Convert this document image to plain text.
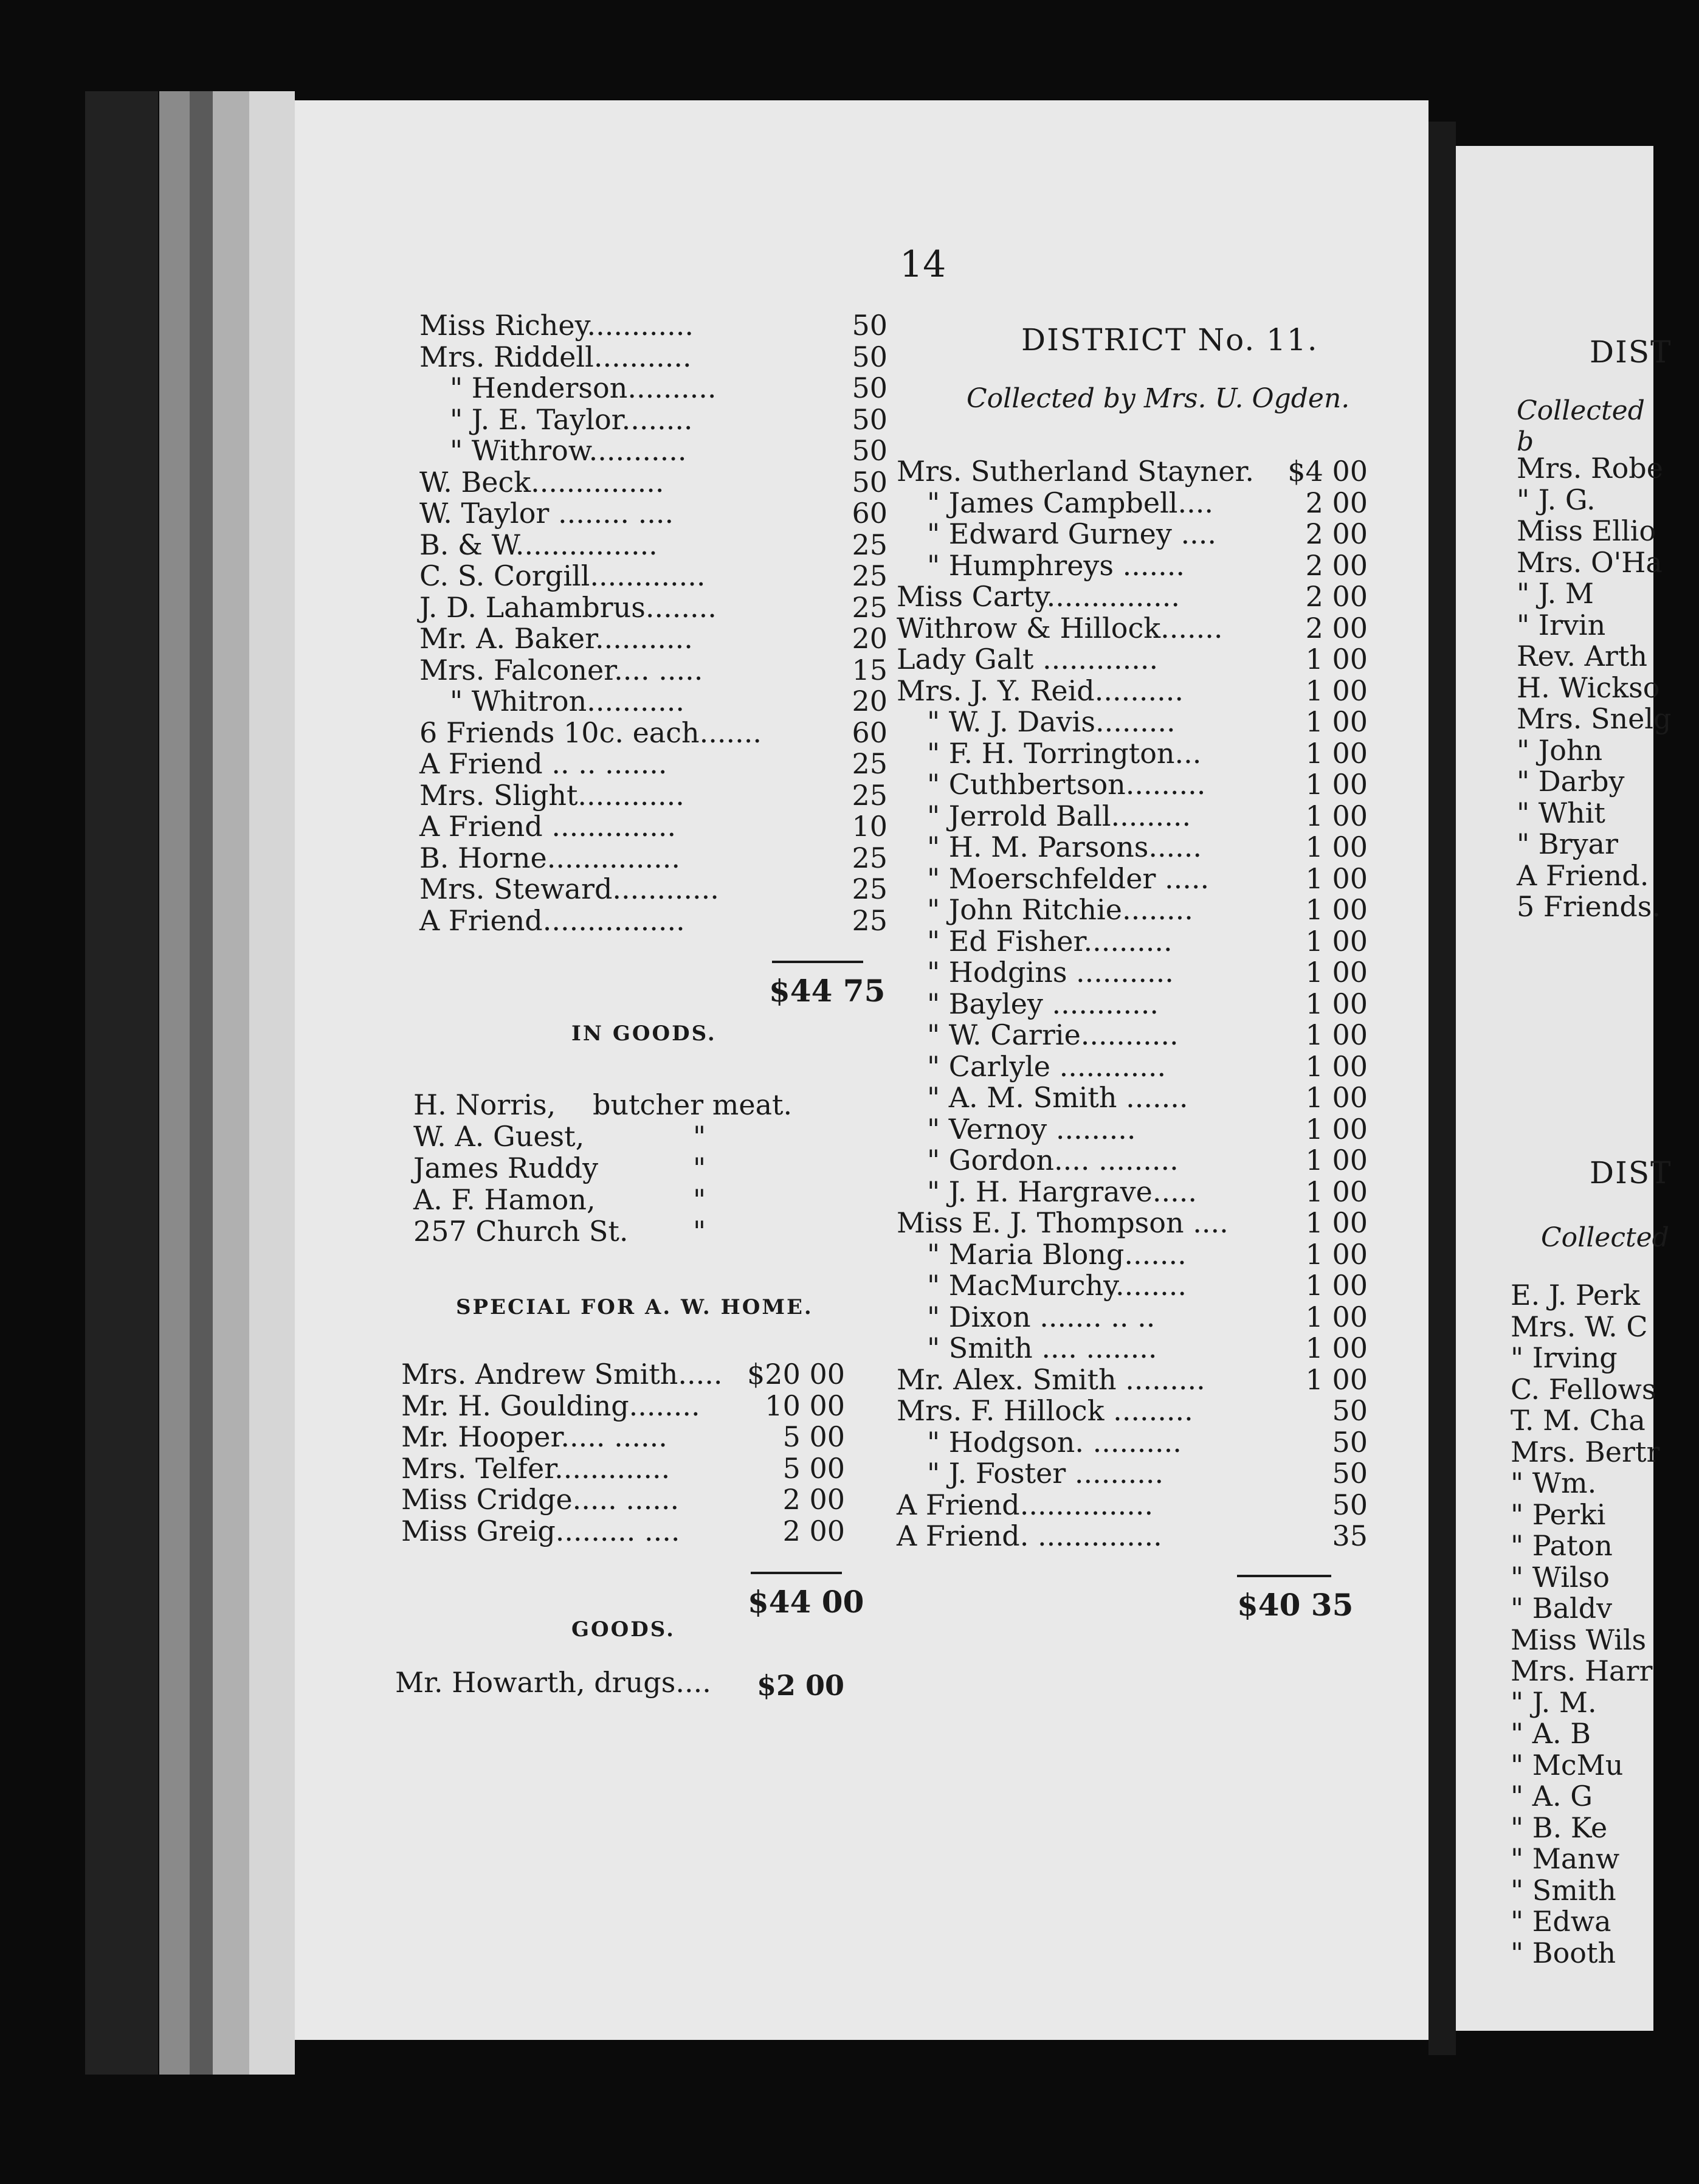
DIST
Collected b
Mrs. Robe
" J. G.
Miss Ellio
Mrs. O'Ha
" J. M
" Irvin
Rev. Arth
H. Wickso
Mrs. Snelg
" John
" Darby
" Whit
" Bryar
A Friend.
5 Friends.
DIST
Collected
E. J. Perk
Mrs. W. C
" Irving
C. Fellows
T. M. Cha
Mrs. Bertr
" Wm.
" Perki
" Paton
" Wilso
" Baldv
Miss Wils
Mrs. Harr
" J. M.
" A. B
" McMu
" A. G
" B. Ke
" Manw
" Smith
" Edwa
" Booth
14
Miss Richey............	50
Mrs. Riddell...........	50
" Henderson..........	50
" J. E. Taylor........	50
" Withrow...........	50
W. Beck...............	50
W. Taylor ........ ....	60
B. & W................	25
C. S. Corgill.............	25
J. D. Lahambrus........	25
Mr. A. Baker...........	20
Mrs. Falconer.... .....	15
" Whitron...........	20
6 Friends 10c. each.......	60
A Friend .. .. .......	25
Mrs. Slight............	25
A Friend ..............	10
B. Horne...............	25
Mrs. Steward............	25
A Friend................	25
$44 75
IN GOODS.
H. Norris, butcher meat.
W. A. Guest,	"
James Ruddy	"
A. F. Hamon,	"
257 Church St. "
SPECIAL FOR A. W. HOME.
Mrs. Andrew Smith..... $20 00
Mr. H. Goulding........ 10 00
Mr. Hooper..... ......	5 00
Mrs. Telfer.............	5 00
Miss Cridge..... ......	2 00
Miss Greig......... ....	2 00
$44 00
GOODS.
Mr. Howarth, drugs.... $2 00
DISTRICT No. 11.
Collected by Mrs. U. Ogden.
Mrs. Sutherland Stayner. $4 00
" James Campbell....	2 00
" Edward Gurney ....	2 00
" Humphreys .......	2 00
Miss Carty...............	2 00
Withrow & Hillock.......	2 00
Lady Galt .............	1 00
Mrs. J. Y. Reid..........	1 00
" W. J. Davis.........	1 00
" F. H. Torrington...	1 00
" Cuthbertson.........	1 00
" Jerrold Ball.........	1 00
" H. M. Parsons......	1 00
" Moerschfelder .....	1 00
" John Ritchie........	1 00
" Ed Fisher..........	1 00
" Hodgins ...........	1 00
" Bayley ............	1 00
" W. Carrie...........	1 00
" Carlyle ............	1 00
" A. M. Smith .......	1 00
" Vernoy .........	1 00
" Gordon.... .........	1 00
" J. H. Hargrave.....	1 00
Miss E. J. Thompson ....	1 00
" Maria Blong.......	1 00
" MacMurchy........	1 00
" Dixon ....... .. ..	1 00
" Smith .... ........	1 00
Mr. Alex. Smith .........	1 00
Mrs. F. Hillock .........	50
" Hodgson. ..........	50
" J. Foster ..........	50
A Friend...............	50
A Friend. ..............	35
$40 35
